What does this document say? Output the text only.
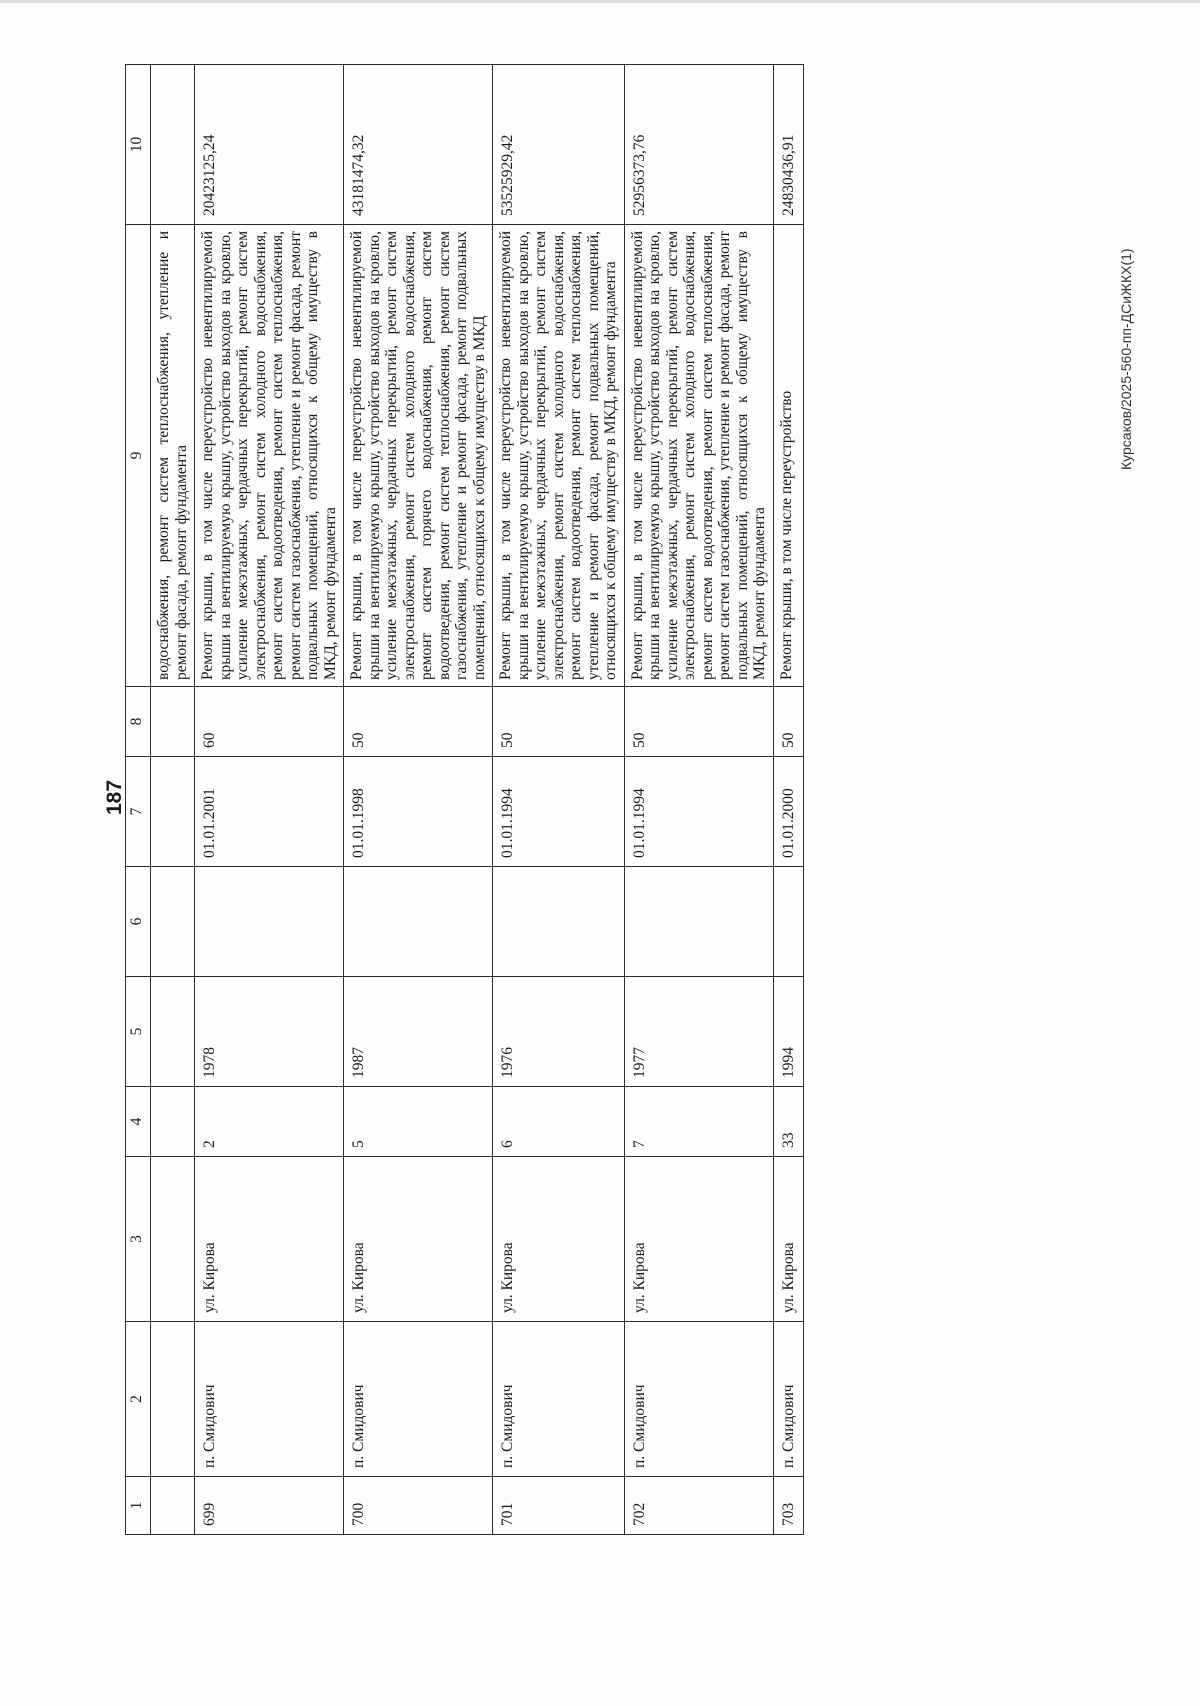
187
1	2	3	4	5	6	7	8	9	10
								водоснабжения, ремонт систем теплоснабжения, утепление и ремонт фасада, ремонт фундамента	
699	п. Смидович	ул. Кирова	2	1978		01.01.2001	60	Ремонт крыши, в том числе переустройство невентилируемой крыши на вентилируемую крышу, устройство выходов на кровлю, усиление межэтажных, чердачных перекрытий, ремонт систем электроснабжения, ремонт систем холодного водоснабжения, ремонт систем водоотведения, ремонт систем теплоснабжения, ремонт систем газоснабжения, утепление и ремонт фасада, ремонт подвальных помещений, относящихся к общему имуществу в МКД, ремонт фундамента	20423125,24
700	п. Смидович	ул. Кирова	5	1987		01.01.1998	50	Ремонт крыши, в том числе переустройство невентилируемой крыши на вентилируемую крышу, устройство выходов на кровлю, усиление межэтажных, чердачных перекрытий, ремонт систем электроснабжения, ремонт систем холодного водоснабжения, ремонт систем горячего водоснабжения, ремонт систем водоотведения, ремонт систем теплоснабжения, ремонт систем газоснабжения, утепление и ремонт фасада, ремонт подвальных помещений, относящихся к общему имуществу в МКД	43181474,32
701	п. Смидович	ул. Кирова	6	1976		01.01.1994	50	Ремонт крыши, в том числе переустройство невентилируемой крыши на вентилируемую крышу, устройство выходов на кровлю, усиление межэтажных, чердачных перекрытий, ремонт систем электроснабжения, ремонт систем холодного водоснабжения, ремонт систем водоотведения, ремонт систем теплоснабжения, утепление и ремонт фасада, ремонт подвальных помещений, относящихся к общему имуществу в МКД, ремонт фундамента	53525929,42
702	п. Смидович	ул. Кирова	7	1977		01.01.1994	50	Ремонт крыши, в том числе переустройство невентилируемой крыши на вентилируемую крышу, устройство выходов на кровлю, усиление межэтажных, чердачных перекрытий, ремонт систем электроснабжения, ремонт систем холодного водоснабжения, ремонт систем водоотведения, ремонт систем теплоснабжения, ремонт систем газоснабжения, утепление и ремонт фасада, ремонт подвальных помещений, относящихся к общему имуществу в МКД, ремонт фундамента	52956373,76
703	п. Смидович	ул. Кирова	33	1994		01.01.2000	50	Ремонт крыши, в том числе переустройство	24830436,91
Курсаков/2025-560-пп-ДСиЖКХ(1)
